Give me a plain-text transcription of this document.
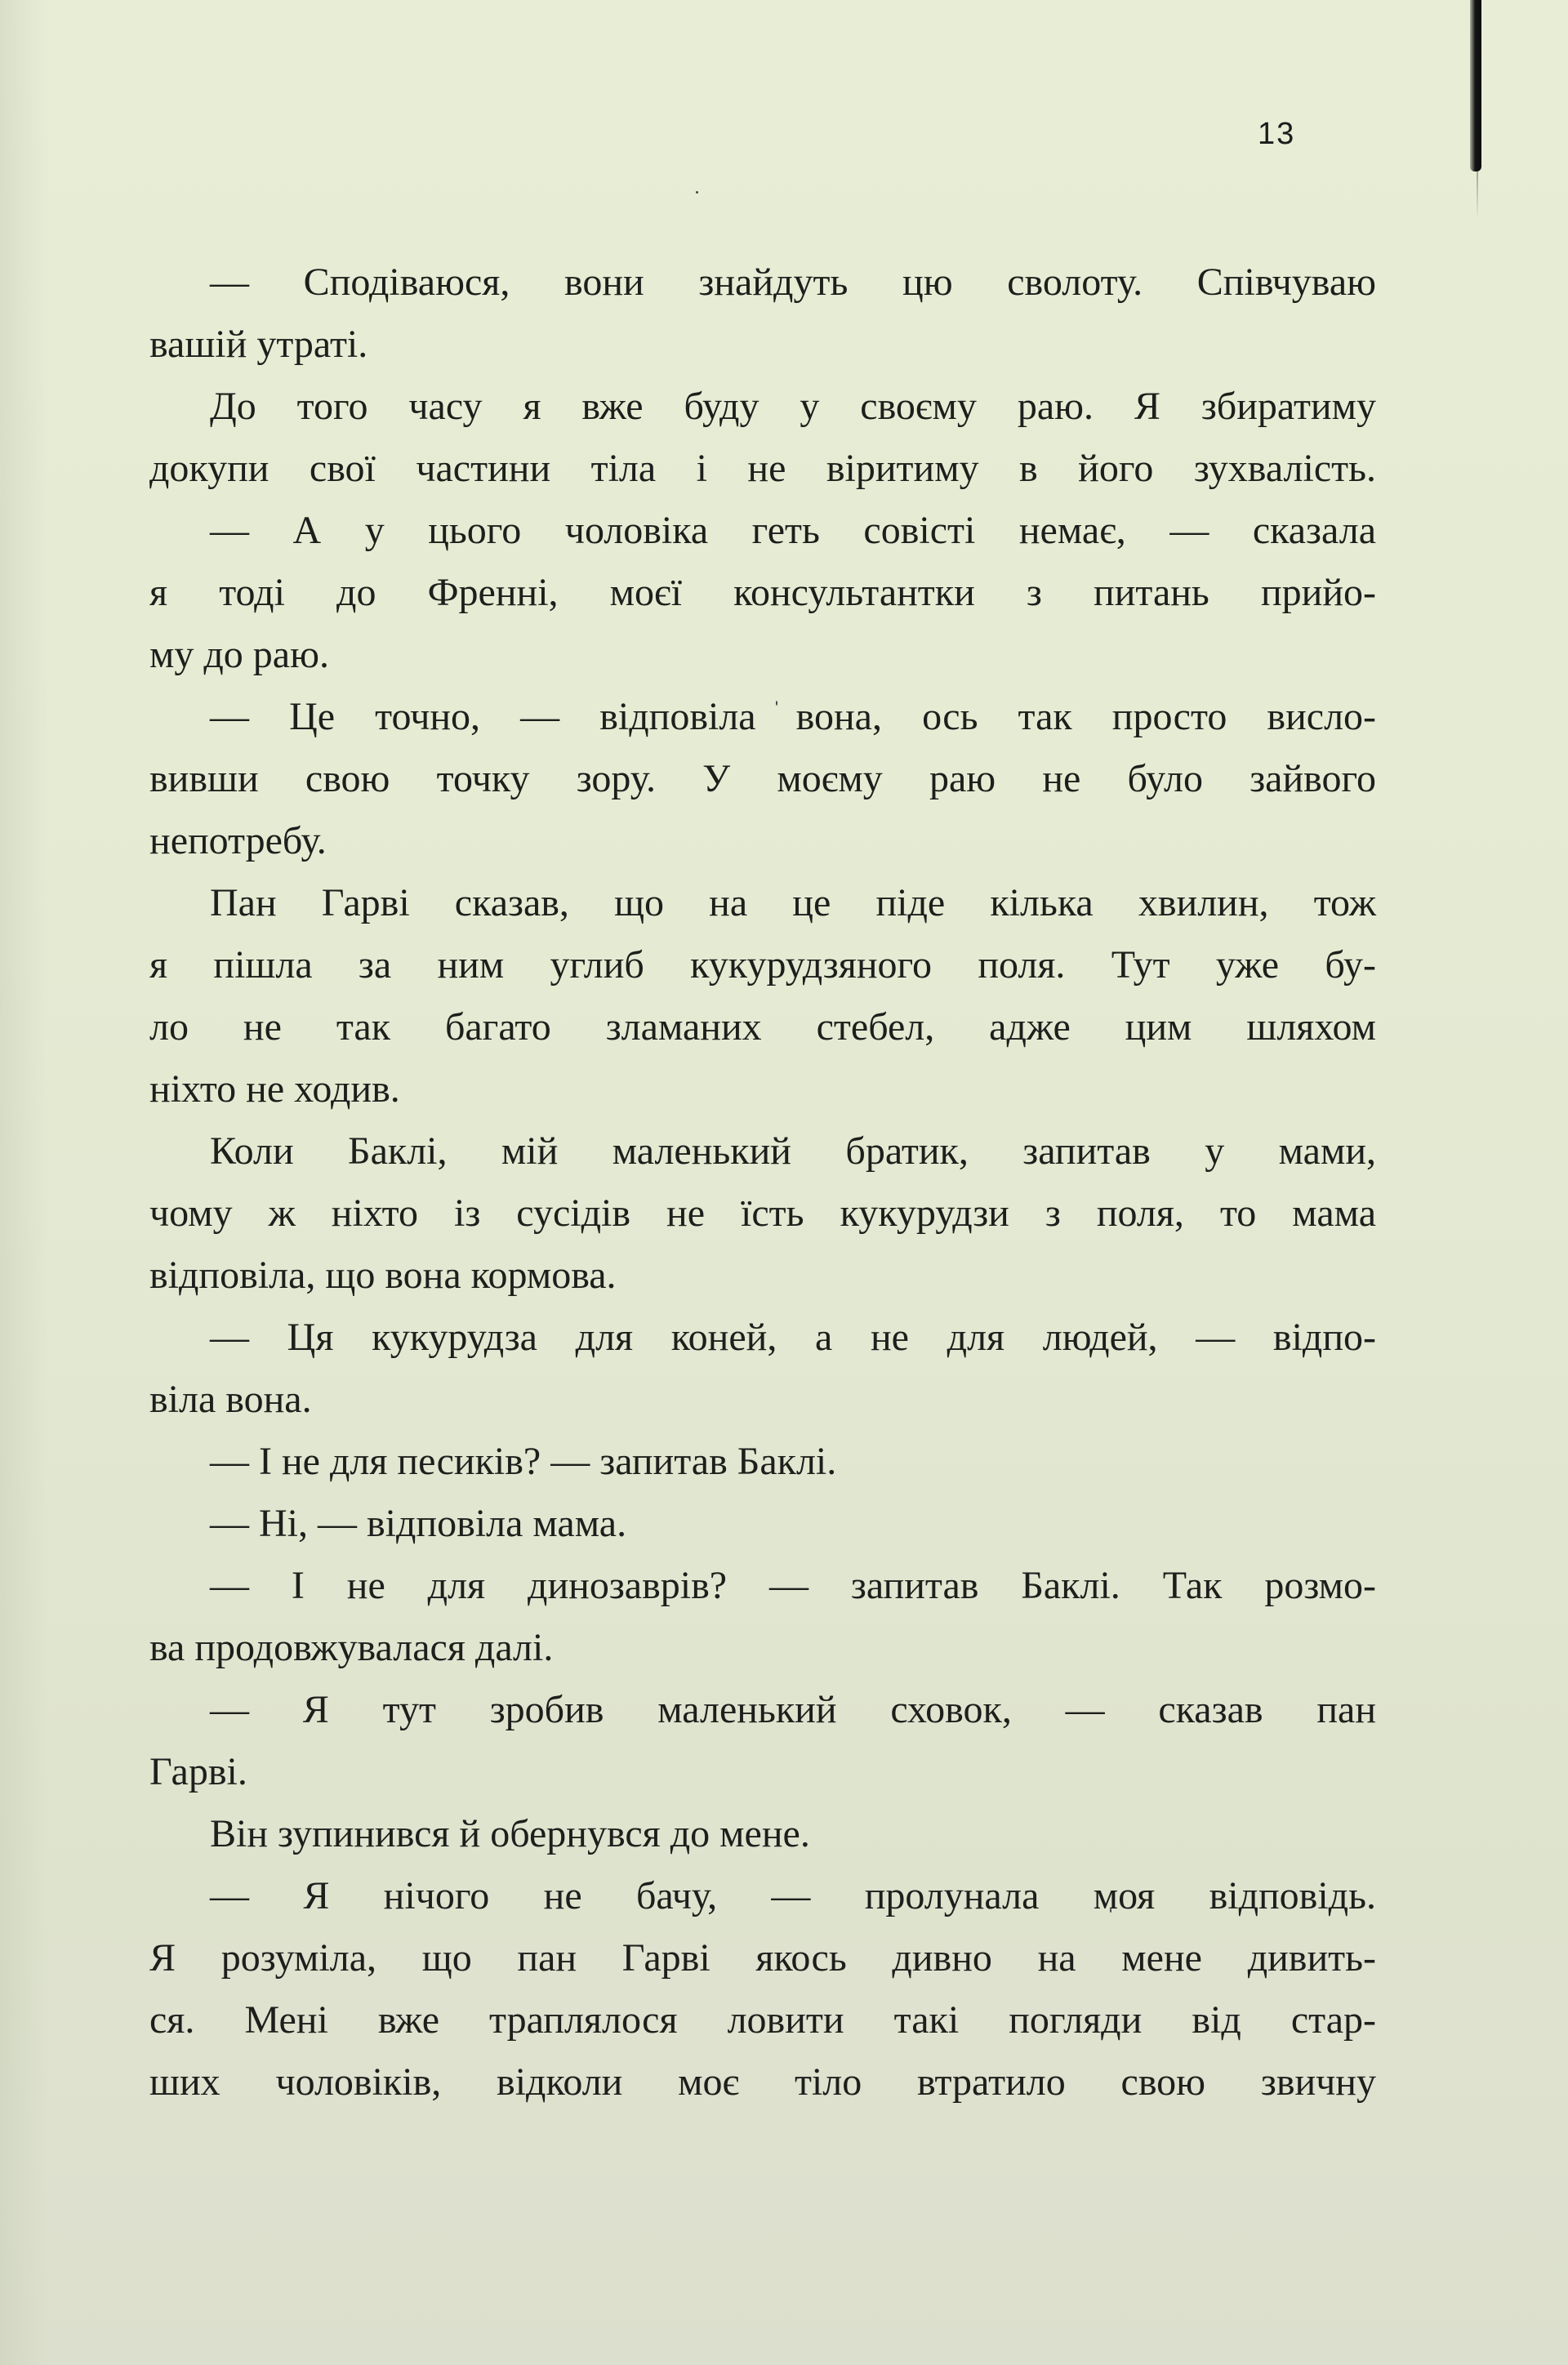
13
— Сподіваюся, вони знайдуть цю сволоту. Співчуваю
вашій утраті.
До того часу я вже буду у своєму раю. Я збиратиму
докупи свої частини тіла і не віритиму в його зухвалість.
— А у цього чоловіка геть совісті немає, — сказала
я тоді до Френні, моєї консультантки з питань прийо-
му до раю.
— Це точно, — відповіла вона, ось так просто висло-
вивши свою точку зору. У моєму раю не було зайвого
непотребу.
Пан Гарві сказав, що на це піде кілька хвилин, тож
я пішла за ним углиб кукурудзяного поля. Тут уже бу-
ло не так багато зламаних стебел, адже цим шляхом
ніхто не ходив.
Коли Баклі, мій маленький братик, запитав у мами,
чому ж ніхто із сусідів не їсть кукурудзи з поля, то мама
відповіла, що вона кормова.
— Ця кукурудза для коней, а не для людей, — відпо-
віла вона.
— І не для песиків? — запитав Баклі.
— Ні, — відповіла мама.
— І не для динозаврів? — запитав Баклі. Так розмо-
ва продовжувалася далі.
— Я тут зробив маленький сховок, — сказав пан
Гарві.
Він зупинився й обернувся до мене.
— Я нічого не бачу, — пролунала моя відповідь.
Я розуміла, що пан Гарві якось дивно на мене дивить-
ся. Мені вже траплялося ловити такі погляди від стар-
ших чоловіків, відколи моє тіло втратило свою звичну
